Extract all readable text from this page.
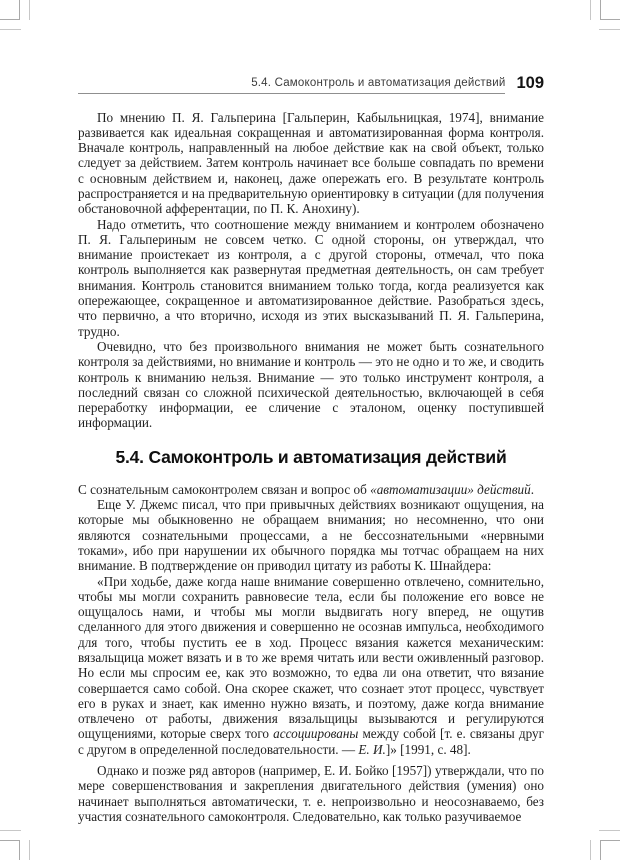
5.4. Самоконтроль и автоматизация действий 109

По мнению П. Я. Гальперина [Гальперин, Кабыльницкая, 1974], внимание развивается как идеальная сокращенная и автоматизированная форма контроля. Вначале контроль, направленный на любое действие как на свой объект, только следует за действием. Затем контроль начинает все больше совпадать по времени с основным действием и, наконец, даже опережать его. В результате контроль распространяется и на предварительную ориентировку в ситуации (для получения обстановочной афферентации, по П. К. Анохину).

Надо отметить, что соотношение между вниманием и контролем обозначено П. Я. Гальпериным не совсем четко. С одной стороны, он утверждал, что внимание проистекает из контроля, а с другой стороны, отмечал, что пока контроль выполняется как развернутая предметная деятельность, он сам требует внимания. Контроль становится вниманием только тогда, когда реализуется как опережающее, сокращенное и автоматизированное действие. Разобраться здесь, что первично, а что вторично, исходя из этих высказываний П. Я. Гальперина, трудно.

Очевидно, что без произвольного внимания не может быть сознательного контроля за действиями, но внимание и контроль — это не одно и то же, и сводить контроль к вниманию нельзя. Внимание — это только инструмент контроля, а последний связан со сложной психической деятельностью, включающей в себя переработку информации, ее сличение с эталоном, оценку поступившей информации.

5.4. Самоконтроль и автоматизация действий

С сознательным самоконтролем связан и вопрос об «автоматизации» действий.

Еще У. Джемс писал, что при привычных действиях возникают ощущения, на которые мы обыкновенно не обращаем внимания; но несомненно, что они являются сознательными процессами, а не бессознательными «нервными токами», ибо при нарушении их обычного порядка мы тотчас обращаем на них внимание. В подтверждение он приводил цитату из работы К. Шнайдера:

«При ходьбе, даже когда наше внимание совершенно отвлечено, сомнительно, чтобы мы могли сохранить равновесие тела, если бы положение его вовсе не ощущалось нами, и чтобы мы могли выдвигать ногу вперед, не ощутив сделанного для этого движения и совершенно не осознав импульса, необходимого для того, чтобы пустить ее в ход. Процесс вязания кажется механическим: вязальщица может вязать и в то же время читать или вести оживленный разговор. Но если мы спросим ее, как это возможно, то едва ли она ответит, что вязание совершается само собой. Она скорее скажет, что сознает этот процесс, чувствует его в руках и знает, как именно нужно вязать, и поэтому, даже когда внимание отвлечено от работы, движения вязальщицы вызываются и регулируются ощущениями, которые сверх того ассоциированы между собой [т. е. связаны друг с другом в определенной последовательности. — Е. И.]» [1991, с. 48].

Однако и позже ряд авторов (например, Е. И. Бойко [1957]) утверждали, что по мере совершенствования и закрепления двигательного действия (умения) оно начинает выполняться автоматически, т. е. непроизвольно и неосознаваемо, без участия сознательного самоконтроля. Следовательно, как только разучиваемое
